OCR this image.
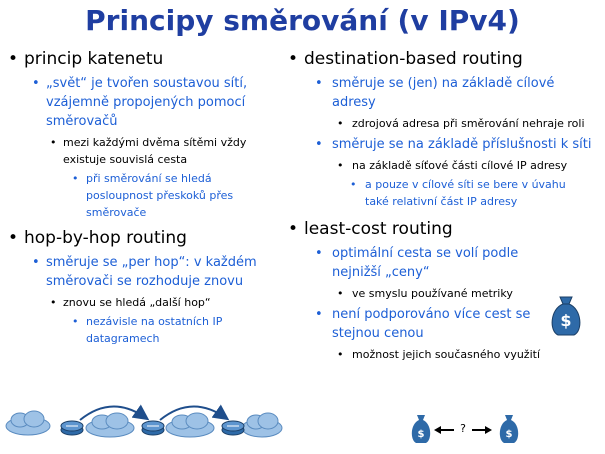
Principy směrování (v IPv4)
• princip katenetu
• „svět“ je tvořen soustavou sítí, vzájemně propojených pomocí směrovačů
• mezi každými dvěma sítěmi vždy existuje souvislá cesta
• při směrování se hledá posloupnost přeskoků přes směrovače
• hop-by-hop routing
• směruje se „per hop“: v každém směrovači se rozhoduje znovu
• znovu se hledá „další hop“
• nezávisle na ostatních IP datagramech
• destination-based routing
• směruje se (jen) na základě cílové adresy
• zdrojová adresa při směrování nehraje roli
• směruje se na základě příslušnosti k síti
• na základě síťové části cílové IP adresy
• a pouze v cílové síti se bere v úvahu také relativní část IP adresy
• least-cost routing
• optimální cesta se volí podle nejnižší „ceny“
• ve smyslu používané metriky
• není podporováno více cest se stejnou cenou
• možnost jejich současného využití
$
$	?	$
